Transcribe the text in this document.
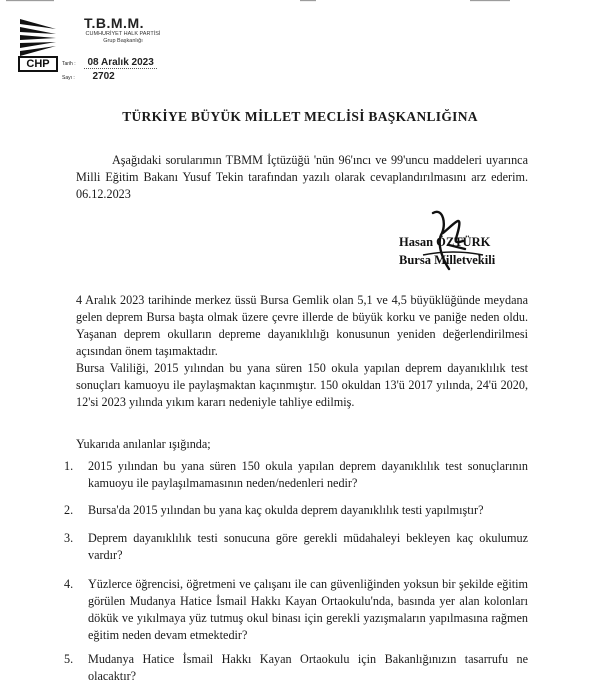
——————	——	—————
CHP
T.B.M.M.
CUMHURİYET HALK PARTİSİ
Grup Başkanlığı
Tarih : 08 Aralık 2023
Sayı : 2702
TÜRKİYE BÜYÜK MİLLET MECLİSİ BAŞKANLIĞINA
Aşağıdaki sorularımın TBMM İçtüzüğü 'nün 96'ıncı ve 99'uncu maddeleri uyarınca Milli Eğitim Bakanı Yusuf Tekin tarafından yazılı olarak cevaplandırılmasını arz ederim. 06.12.2023
Hasan ÖZTÜRK
Bursa Milletvekili
4 Aralık 2023 tarihinde merkez üssü Bursa Gemlik olan 5,1 ve 4,5 büyüklüğünde meydana gelen deprem Bursa başta olmak üzere çevre illerde de büyük korku ve paniğe neden oldu. Yaşanan deprem okulların depreme dayanıklılığı konusunun yeniden değerlendirilmesi açısından önem taşımaktadır.
Bursa Valiliği, 2015 yılından bu yana süren 150 okula yapılan deprem dayanıklılık test sonuçları kamuoyu ile paylaşmaktan kaçınmıştır. 150 okuldan 13'ü 2017 yılında, 24'ü 2020, 12'si 2023 yılında yıkım kararı nedeniyle tahliye edilmiş.
Yukarıda anılanlar ışığında;
1. 2015 yılından bu yana süren 150 okula yapılan deprem dayanıklılık test sonuçlarının kamuoyu ile paylaşılmamasının neden/nedenleri nedir?
2. Bursa'da 2015 yılından bu yana kaç okulda deprem dayanıklılık testi yapılmıştır?
3. Deprem dayanıklılık testi sonucuna göre gerekli müdahaleyi bekleyen kaç okulumuz vardır?
4. Yüzlerce öğrencisi, öğretmeni ve çalışanı ile can güvenliğinden yoksun bir şekilde eğitim görülen Mudanya Hatice İsmail Hakkı Kayan Ortaokulu'nda, basında yer alan kolonları dökük ve yıkılmaya yüz tutmuş okul binası için gerekli yazışmaların yapılmasına rağmen eğitim neden devam etmektedir?
5. Mudanya Hatice İsmail Hakkı Kayan Ortaokulu için Bakanlığınızın tasarrufu ne olacaktır?
